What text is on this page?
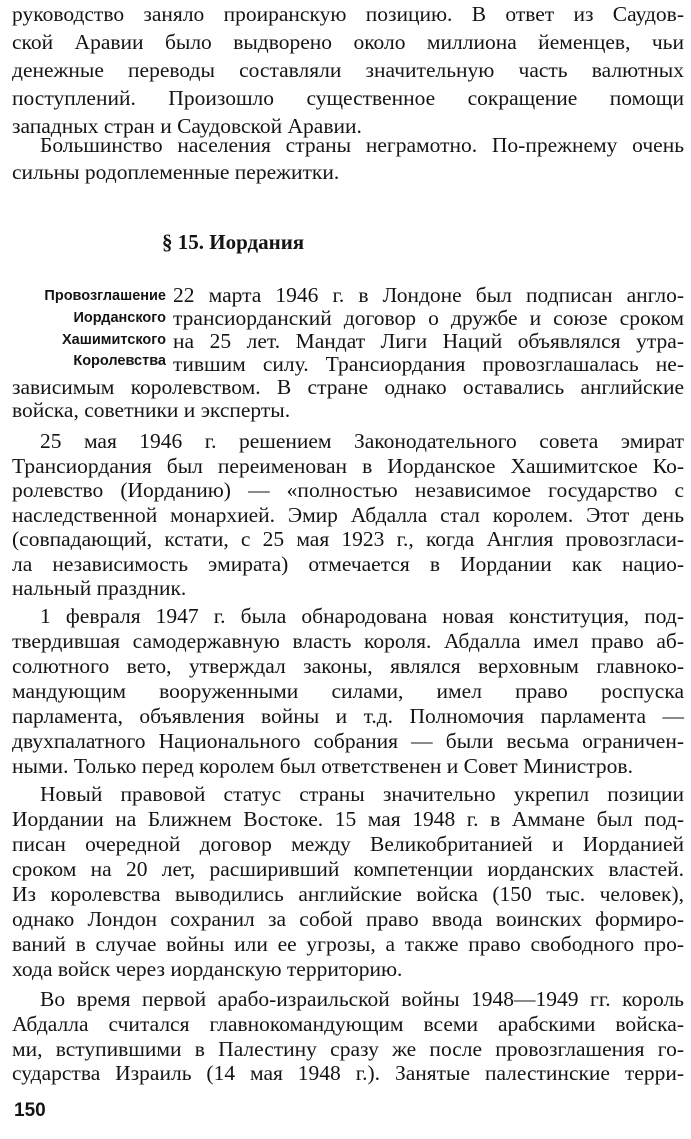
руководство заняло проиранскую позицию. В ответ из Саудов-
ской Аравии было выдворено около миллиона йеменцев, чьи
денежные переводы составляли значительную часть валютных
поступлений. Произошло существенное сокращение помощи
западных стран и Саудовской Аравии.
Большинство населения страны неграмотно. По-прежнему очень
сильны родоплеменные пережитки.
§ 15. Иордания
Провозглашение
Иорданского
Хашимитского
Королевства
22 марта 1946 г. в Лондоне был подписан англо-
трансиорданский договор о дружбе и союзе сроком
на 25 лет. Мандат Лиги Наций объявлялся утра-
тившим силу. Трансиордания провозглашалась не-
зависимым королевством. В стране однако оставались английские
войска, советники и эксперты.
25 мая 1946 г. решением Законодательного совета эмират
Трансиордания был переименован в Иорданское Хашимитское Ко-
ролевство (Иорданию) — «полностью независимое государство с
наследственной монархией. Эмир Абдалла стал королем. Этот день
(совпадающий, кстати, с 25 мая 1923 г., когда Англия провозгласи-
ла независимость эмирата) отмечается в Иордании как нацио-
нальный праздник.
1 февраля 1947 г. была обнародована новая конституция, под-
твердившая самодержавную власть короля. Абдалла имел право аб-
солютного вето, утверждал законы, являлся верховным главноко-
мандующим вооруженными силами, имел право роспуска
парламента, объявления войны и т.д. Полномочия парламента —
двухпалатного Национального собрания — были весьма ограничен-
ными. Только перед королем был ответственен и Совет Министров.
Новый правовой статус страны значительно укрепил позиции
Иордании на Ближнем Востоке. 15 мая 1948 г. в Аммане был под-
писан очередной договор между Великобританией и Иорданией
сроком на 20 лет, расширивший компетенции иорданских властей.
Из королевства выводились английские войска (150 тыс. человек),
однако Лондон сохранил за собой право ввода воинских формиро-
ваний в случае войны или ее угрозы, а также право свободного про-
хода войск через иорданскую территорию.
Во время первой арабо-израильской войны 1948—1949 гг. король
Абдалла считался главнокомандующим всеми арабскими войска-
ми, вступившими в Палестину сразу же после провозглашения го-
сударства Израиль (14 мая 1948 г.). Занятые палестинские терри-
150
